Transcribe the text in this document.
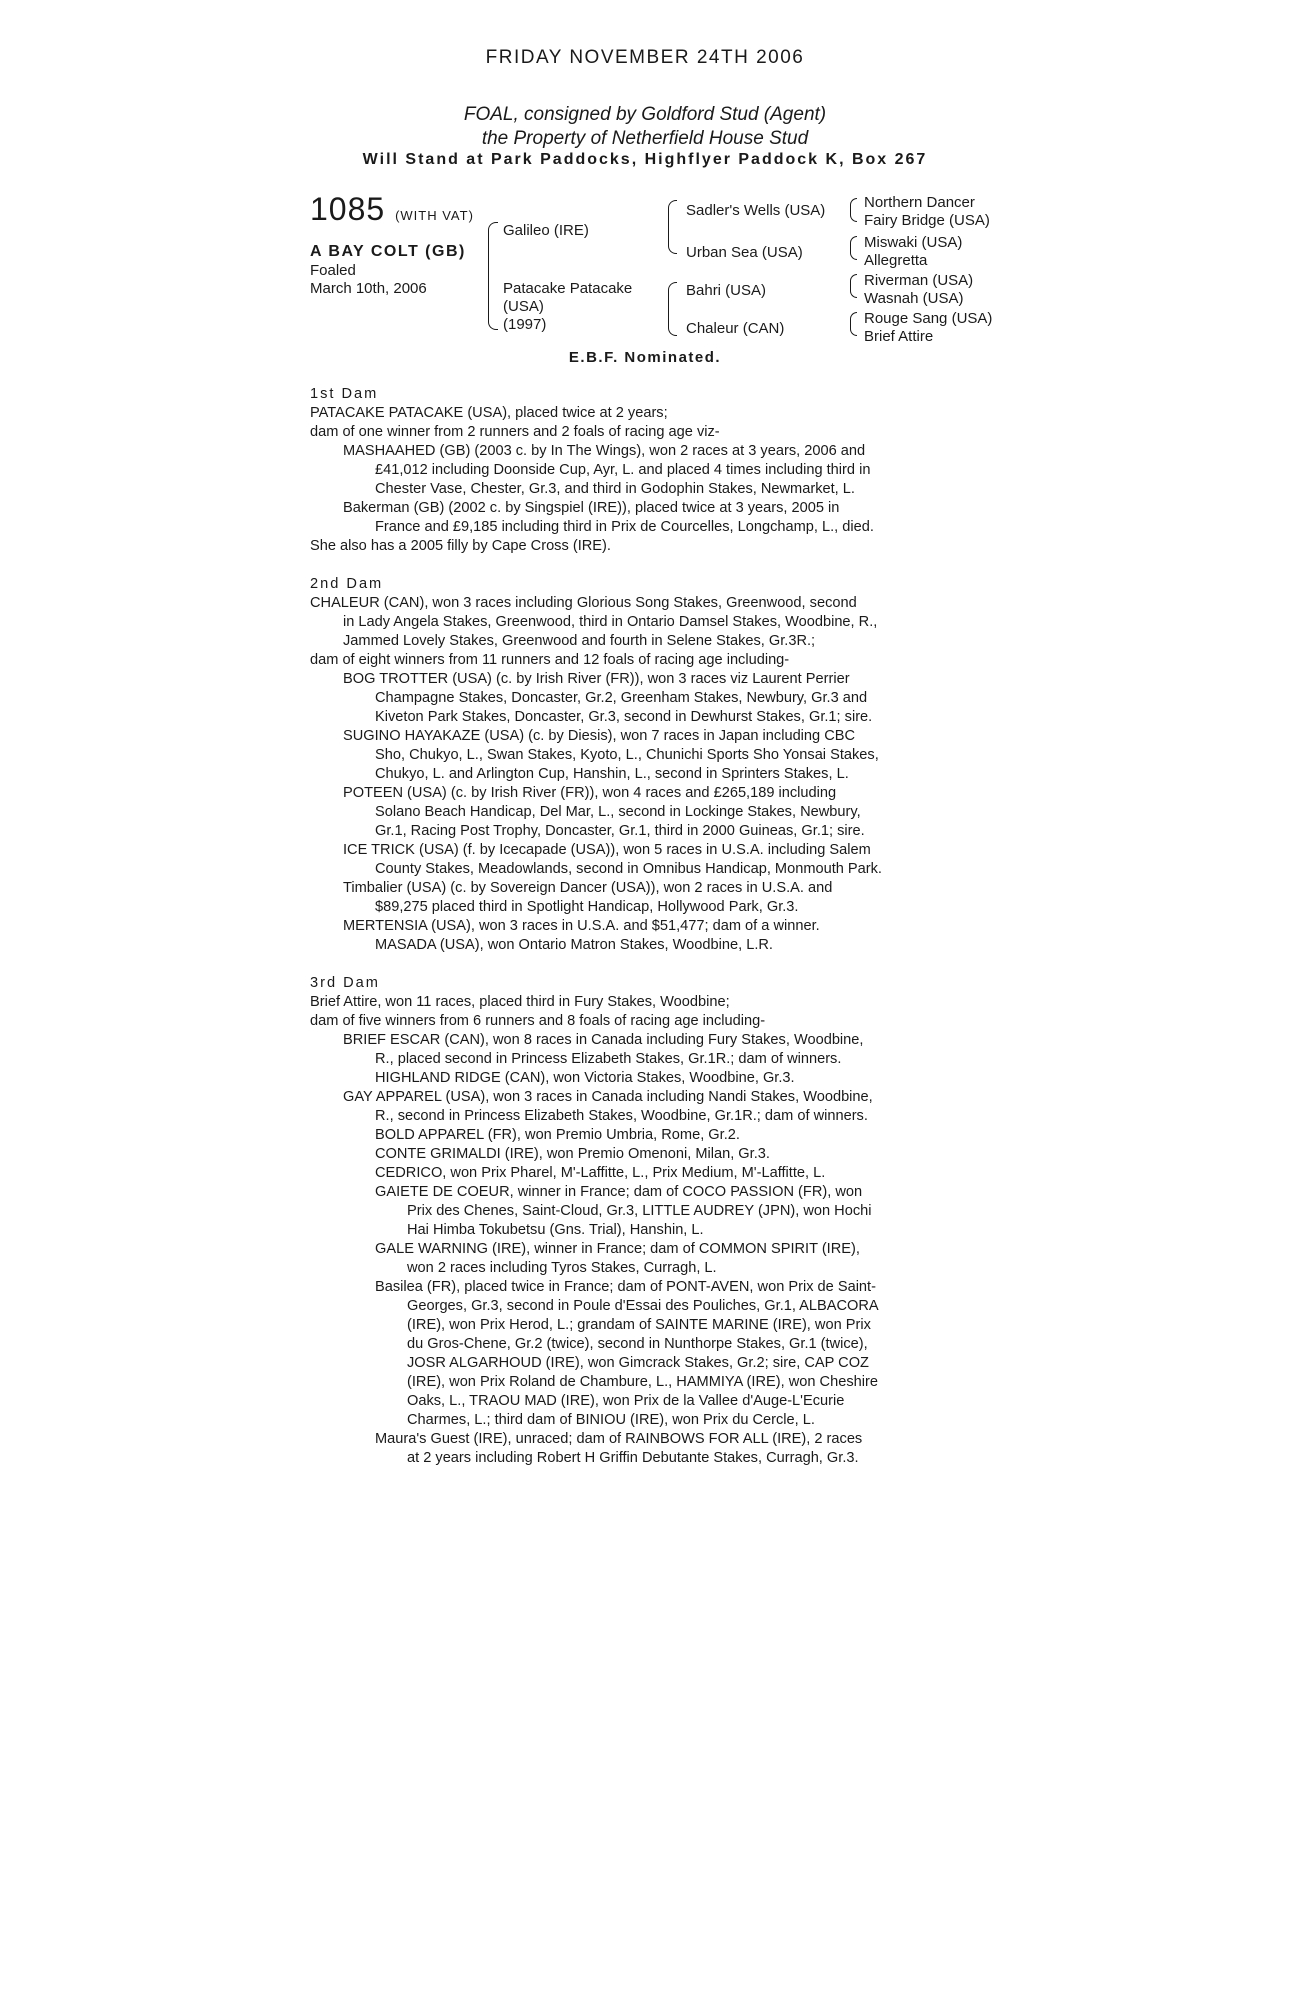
FRIDAY NOVEMBER 24TH 2006
FOAL, consigned by Goldford Stud (Agent)
the Property of Netherfield House Stud
Will Stand at Park Paddocks, Highflyer Paddock K, Box 267
1085 (WITH VAT)
A BAY COLT (GB)
Foaled
March 10th, 2006
Galileo (IRE)
Patacake Patacake
(USA)
(1997)
Sadler's Wells (USA)
Urban Sea (USA)
Bahri (USA)
Chaleur (CAN)
Northern Dancer
Fairy Bridge (USA)
Miswaki (USA)
Allegretta
Riverman (USA)
Wasnah (USA)
Rouge Sang (USA)
Brief Attire
E.B.F. Nominated.
1st Dam
PATACAKE PATACAKE (USA), placed twice at 2 years;
dam of one winner from 2 runners and 2 foals of racing age viz-
MASHAAHED (GB) (2003 c. by In The Wings), won 2 races at 3 years, 2006 and
£41,012 including Doonside Cup, Ayr, L. and placed 4 times including third in
Chester Vase, Chester, Gr.3, and third in Godophin Stakes, Newmarket, L.
Bakerman (GB) (2002 c. by Singspiel (IRE)), placed twice at 3 years, 2005 in
France and £9,185 including third in Prix de Courcelles, Longchamp, L., died.
She also has a 2005 filly by Cape Cross (IRE).
2nd Dam
CHALEUR (CAN), won 3 races including Glorious Song Stakes, Greenwood, second
in Lady Angela Stakes, Greenwood, third in Ontario Damsel Stakes, Woodbine, R.,
Jammed Lovely Stakes, Greenwood and fourth in Selene Stakes, Gr.3R.;
dam of eight winners from 11 runners and 12 foals of racing age including-
BOG TROTTER (USA) (c. by Irish River (FR)), won 3 races viz Laurent Perrier
Champagne Stakes, Doncaster, Gr.2, Greenham Stakes, Newbury, Gr.3 and
Kiveton Park Stakes, Doncaster, Gr.3, second in Dewhurst Stakes, Gr.1; sire.
SUGINO HAYAKAZE (USA) (c. by Diesis), won 7 races in Japan including CBC
Sho, Chukyo, L., Swan Stakes, Kyoto, L., Chunichi Sports Sho Yonsai Stakes,
Chukyo, L. and Arlington Cup, Hanshin, L., second in Sprinters Stakes, L.
POTEEN (USA) (c. by Irish River (FR)), won 4 races and £265,189 including
Solano Beach Handicap, Del Mar, L., second in Lockinge Stakes, Newbury,
Gr.1, Racing Post Trophy, Doncaster, Gr.1, third in 2000 Guineas, Gr.1; sire.
ICE TRICK (USA) (f. by Icecapade (USA)), won 5 races in U.S.A. including Salem
County Stakes, Meadowlands, second in Omnibus Handicap, Monmouth Park.
Timbalier (USA) (c. by Sovereign Dancer (USA)), won 2 races in U.S.A. and
$89,275 placed third in Spotlight Handicap, Hollywood Park, Gr.3.
MERTENSIA (USA), won 3 races in U.S.A. and $51,477; dam of a winner.
MASADA (USA), won Ontario Matron Stakes, Woodbine, L.R.
3rd Dam
Brief Attire, won 11 races, placed third in Fury Stakes, Woodbine;
dam of five winners from 6 runners and 8 foals of racing age including-
BRIEF ESCAR (CAN), won 8 races in Canada including Fury Stakes, Woodbine,
R., placed second in Princess Elizabeth Stakes, Gr.1R.; dam of winners.
HIGHLAND RIDGE (CAN), won Victoria Stakes, Woodbine, Gr.3.
GAY APPAREL (USA), won 3 races in Canada including Nandi Stakes, Woodbine,
R., second in Princess Elizabeth Stakes, Woodbine, Gr.1R.; dam of winners.
BOLD APPAREL (FR), won Premio Umbria, Rome, Gr.2.
CONTE GRIMALDI (IRE), won Premio Omenoni, Milan, Gr.3.
CEDRICO, won Prix Pharel, M'-Laffitte, L., Prix Medium, M'-Laffitte, L.
GAIETE DE COEUR, winner in France; dam of COCO PASSION (FR), won
Prix des Chenes, Saint-Cloud, Gr.3, LITTLE AUDREY (JPN), won Hochi
Hai Himba Tokubetsu (Gns. Trial), Hanshin, L.
GALE WARNING (IRE), winner in France; dam of COMMON SPIRIT (IRE),
won 2 races including Tyros Stakes, Curragh, L.
Basilea (FR), placed twice in France; dam of PONT-AVEN, won Prix de Saint-
Georges, Gr.3, second in Poule d'Essai des Pouliches, Gr.1, ALBACORA
(IRE), won Prix Herod, L.; grandam of SAINTE MARINE (IRE), won Prix
du Gros-Chene, Gr.2 (twice), second in Nunthorpe Stakes, Gr.1 (twice),
JOSR ALGARHOUD (IRE), won Gimcrack Stakes, Gr.2; sire, CAP COZ
(IRE), won Prix Roland de Chambure, L., HAMMIYA (IRE), won Cheshire
Oaks, L., TRAOU MAD (IRE), won Prix de la Vallee d'Auge-L'Ecurie
Charmes, L.; third dam of BINIOU (IRE), won Prix du Cercle, L.
Maura's Guest (IRE), unraced; dam of RAINBOWS FOR ALL (IRE), 2 races
at 2 years including Robert H Griffin Debutante Stakes, Curragh, Gr.3.
